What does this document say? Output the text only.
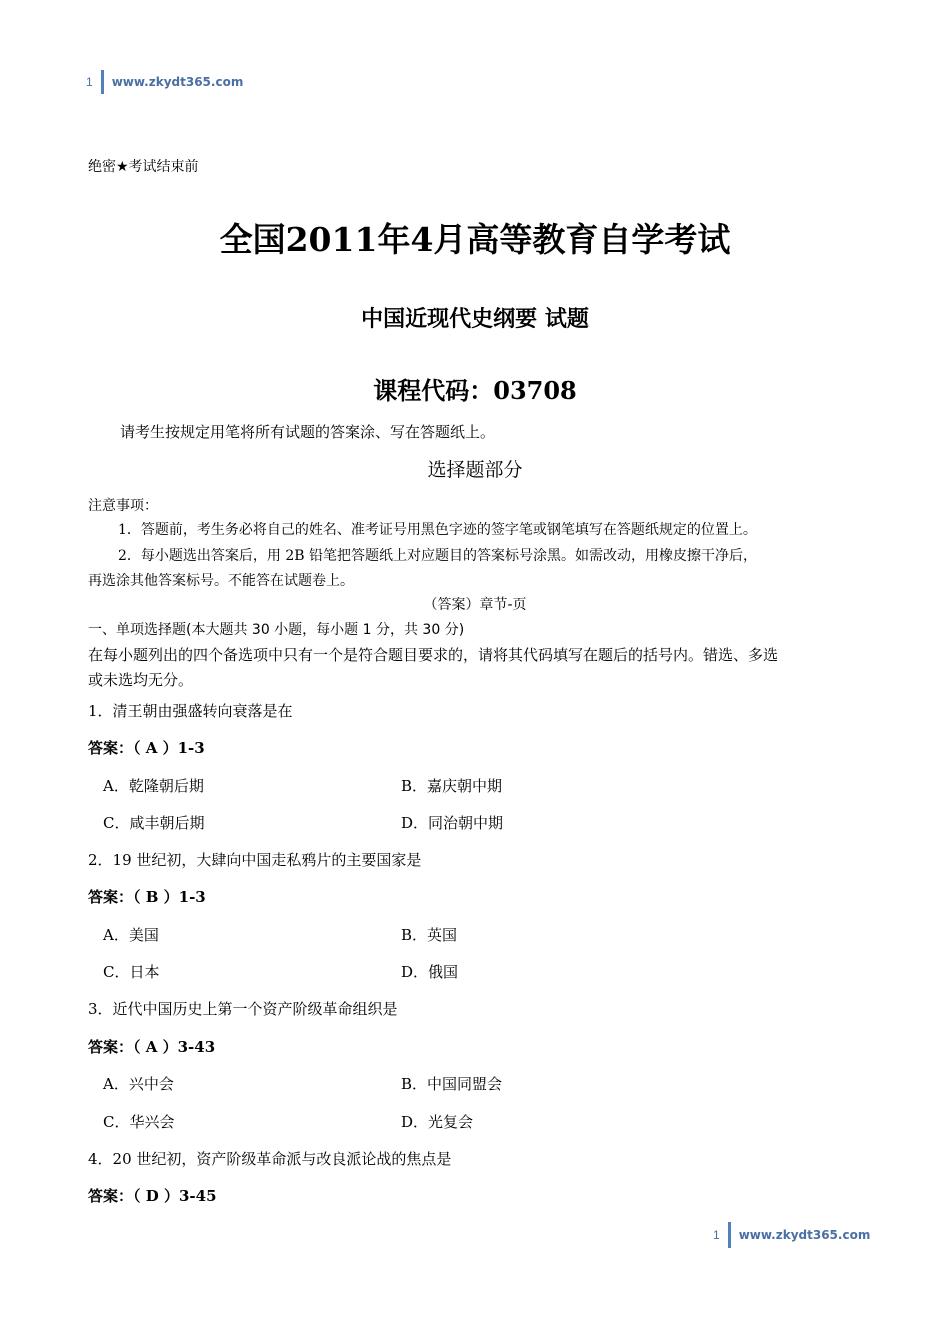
1 www.zkydt365.com
绝密★考试结束前
全国2011年4月高等教育自学考试
中国近现代史纲要 试题
课程代码：03708
请考生按规定用笔将所有试题的答案涂、写在答题纸上。
选择题部分
注意事项：
1．答题前，考生务必将自己的姓名、准考证号用黑色字迹的签字笔或钢笔填写在答题纸规定的位置上。
2．每小题选出答案后，用 2B 铅笔把答题纸上对应题目的答案标号涂黑。如需改动，用橡皮擦干净后，
再选涂其他答案标号。不能答在试题卷上。
（答案）章节-页
一、单项选择题(本大题共 30 小题，每小题 1 分，共 30 分)
在每小题列出的四个备选项中只有一个是符合题目要求的，请将其代码填写在题后的括号内。错选、多选
或未选均无分。
1．清王朝由强盛转向衰落是在
答案：（ A ）1-3
A．乾隆朝后期	B．嘉庆朝中期
C．咸丰朝后期	D．同治朝中期
2．19 世纪初，大肆向中国走私鸦片的主要国家是
答案：（ B ）1-3
A．美国	B．英国
C．日本	D．俄国
3．近代中国历史上第一个资产阶级革命组织是
答案：（ A ）3-43
A．兴中会	B．中国同盟会
C．华兴会	D．光复会
4．20 世纪初，资产阶级革命派与改良派论战的焦点是
答案：（ D ）3-45
1 www.zkydt365.com
